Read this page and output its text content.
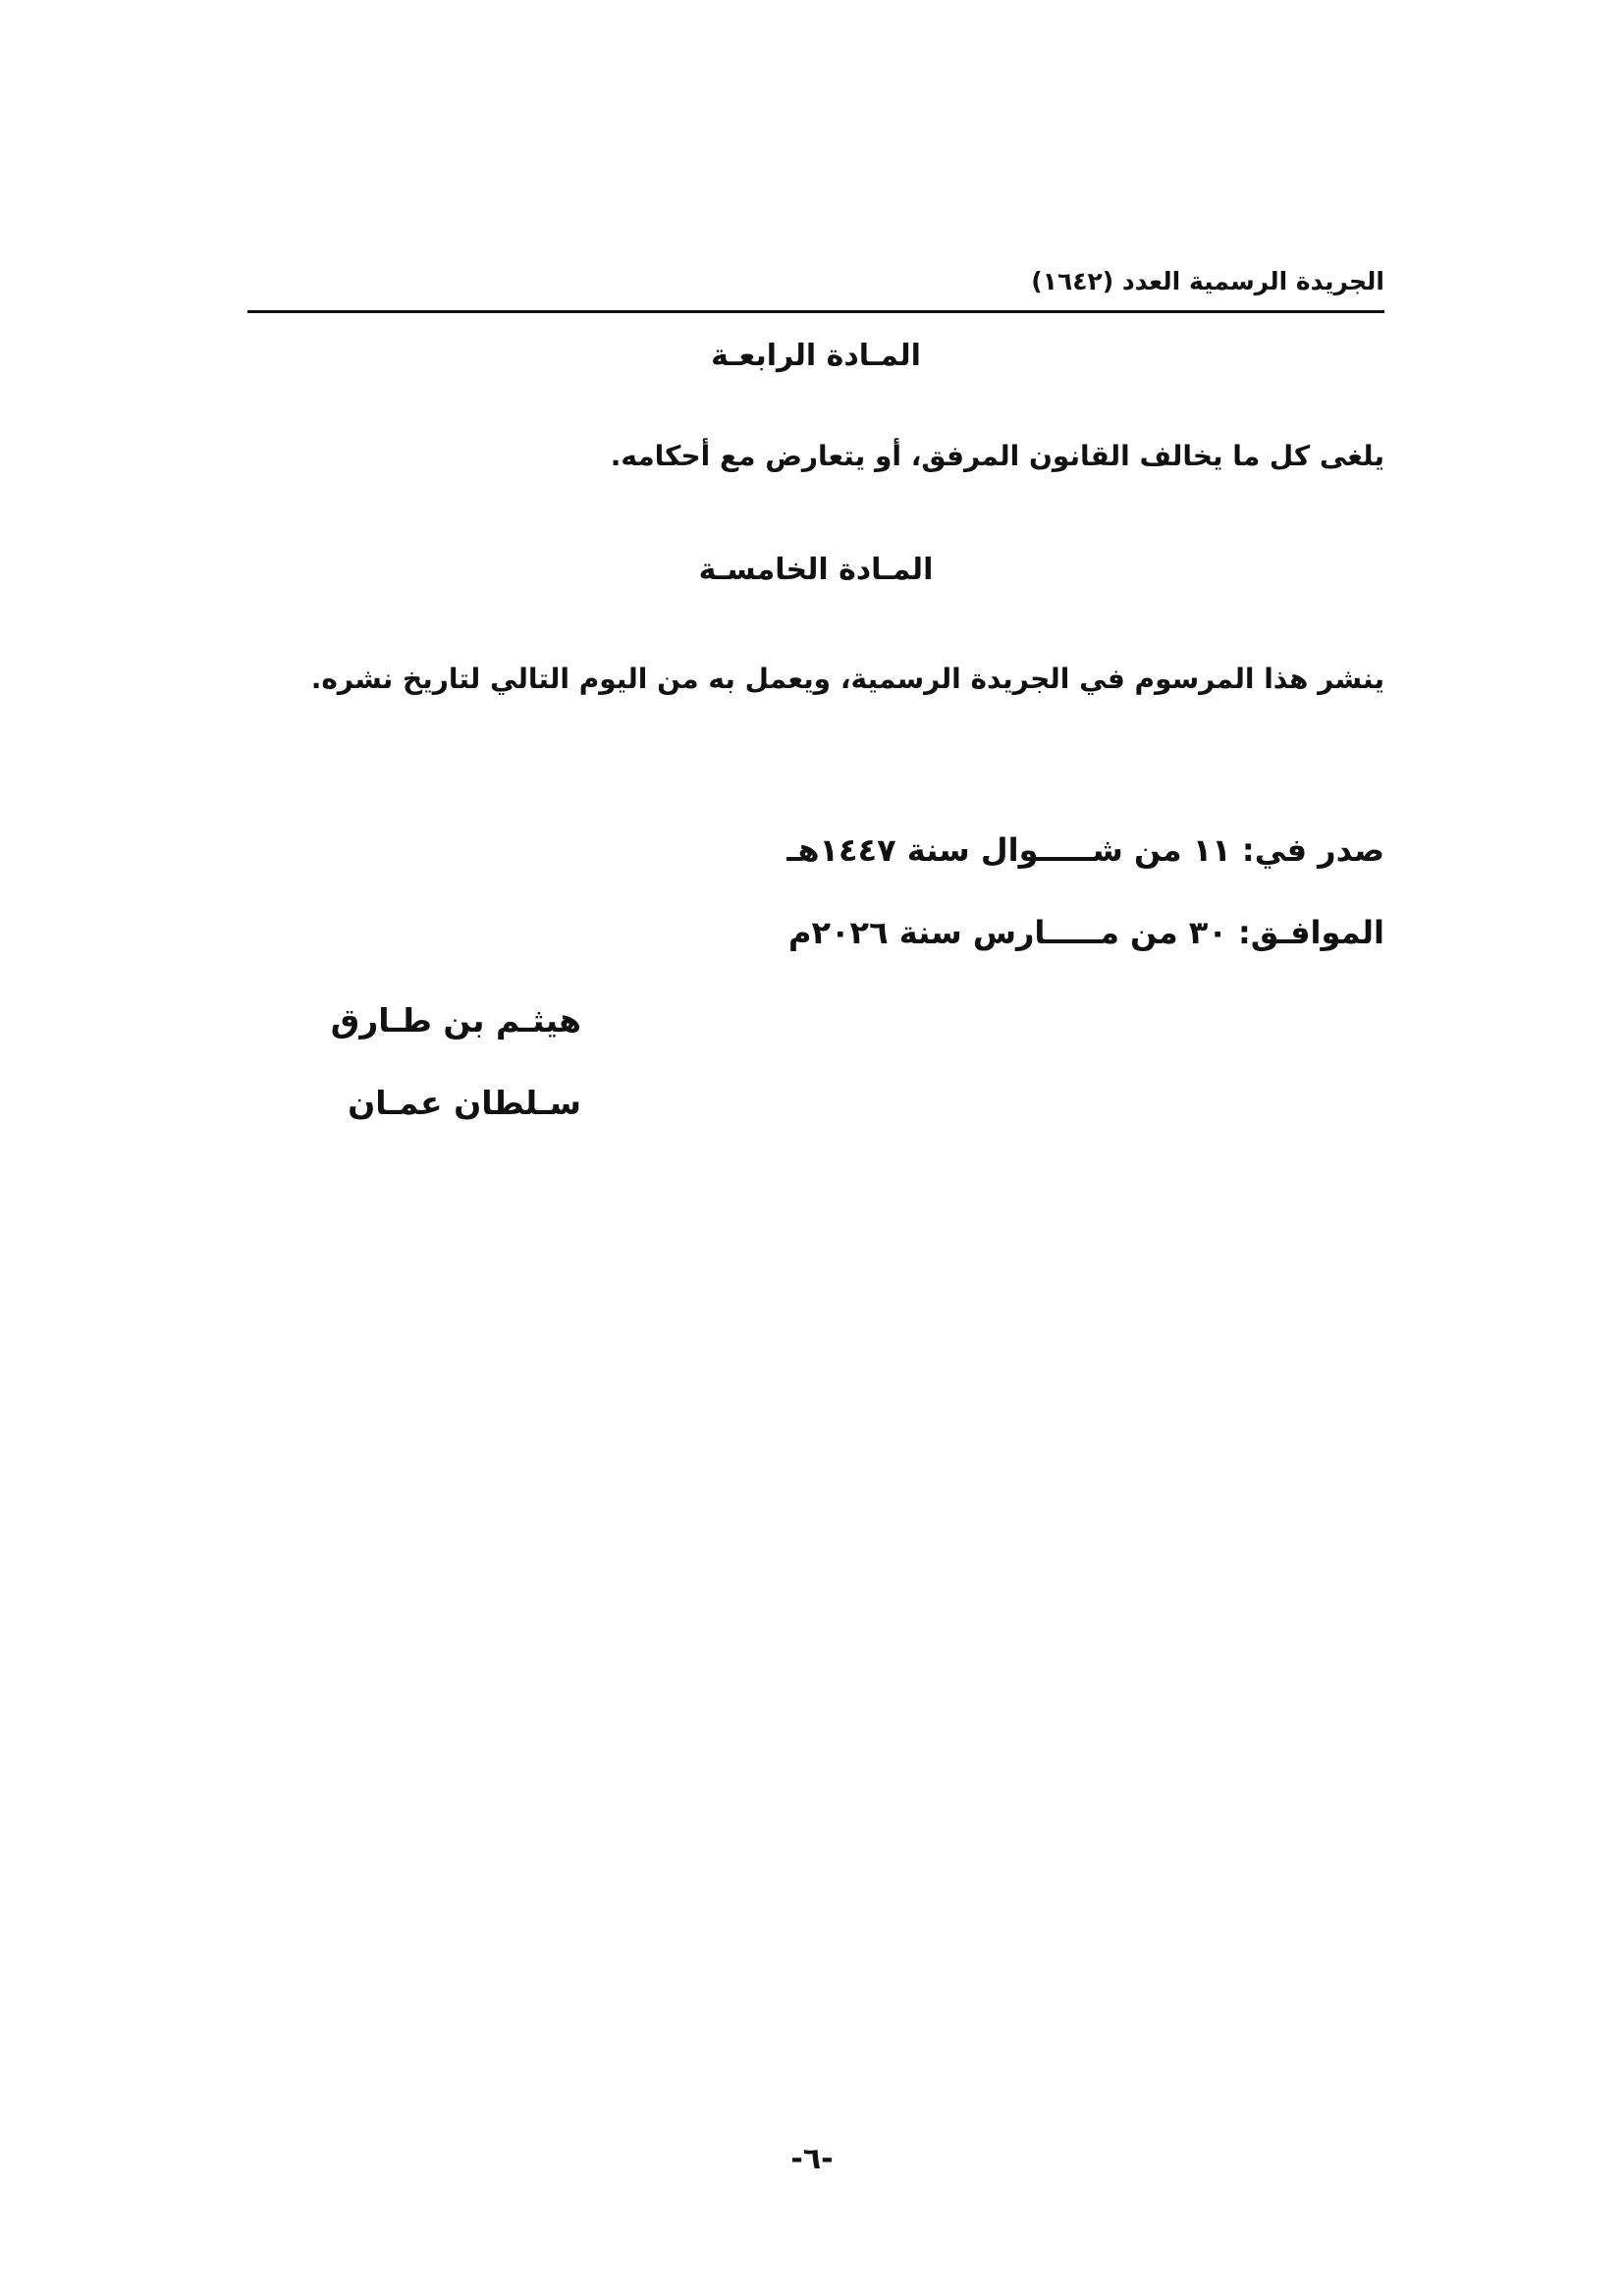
الجريدة الرسمية العدد (١٦٤٢)
المـادة الرابعـة
يلغى كل ما يخالف القانون المرفق، أو يتعارض مع أحكامه.
المـادة الخامسـة
ينشر هذا المرسوم في الجريدة الرسمية، ويعمل به من اليوم التالي لتاريخ نشره.
صدر في: ١١ من شـــــوال سنة ١٤٤٧هـ
الموافـق: ٣٠ من مـــــارس سنة ٢٠٢٦م
هيثـم بن طـارق
سـلطان عمـان
-٦-
